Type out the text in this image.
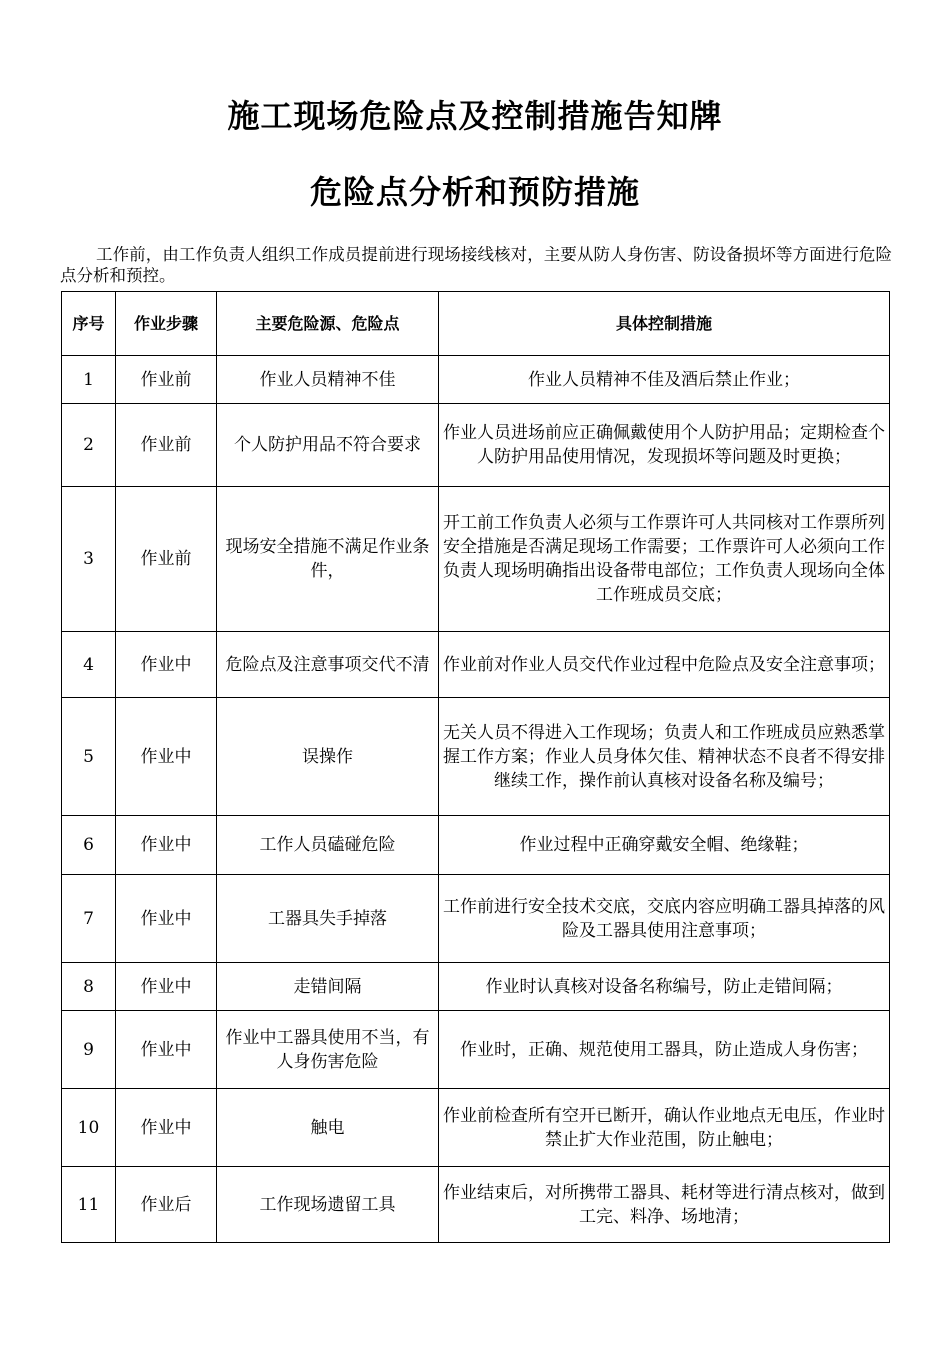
施工现场危险点及控制措施告知牌
危险点分析和预防措施
工作前，由工作负责人组织工作成员提前进行现场接线核对，主要从防人身伤害、防设备损坏等方面进行危险点分析和预控。
序号	作业步骤	主要危险源、危险点	具体控制措施
1	作业前	作业人员精神不佳	作业人员精神不佳及酒后禁止作业；
2	作业前	个人防护用品不符合要求	作业人员进场前应正确佩戴使用个人防护用品；定期检查个人防护用品使用情况，发现损坏等问题及时更换；
3	作业前	现场安全措施不满足作业条件，	开工前工作负责人必须与工作票许可人共同核对工作票所列安全措施是否满足现场工作需要；工作票许可人必须向工作负责人现场明确指出设备带电部位；工作负责人现场向全体工作班成员交底；
4	作业中	危险点及注意事项交代不清	作业前对作业人员交代作业过程中危险点及安全注意事项；
5	作业中	误操作	无关人员不得进入工作现场；负责人和工作班成员应熟悉掌握工作方案；作业人员身体欠佳、精神状态不良者不得安排继续工作，操作前认真核对设备名称及编号；
6	作业中	工作人员磕碰危险	作业过程中正确穿戴安全帽、绝缘鞋；
7	作业中	工器具失手掉落	工作前进行安全技术交底，交底内容应明确工器具掉落的风险及工器具使用注意事项；
8	作业中	走错间隔	作业时认真核对设备名称编号，防止走错间隔；
9	作业中	作业中工器具使用不当，有人身伤害危险	作业时，正确、规范使用工器具，防止造成人身伤害；
10	作业中	触电	作业前检查所有空开已断开，确认作业地点无电压，作业时禁止扩大作业范围，防止触电；
11	作业后	工作现场遗留工具	作业结束后，对所携带工器具、耗材等进行清点核对，做到工完、料净、场地清；
